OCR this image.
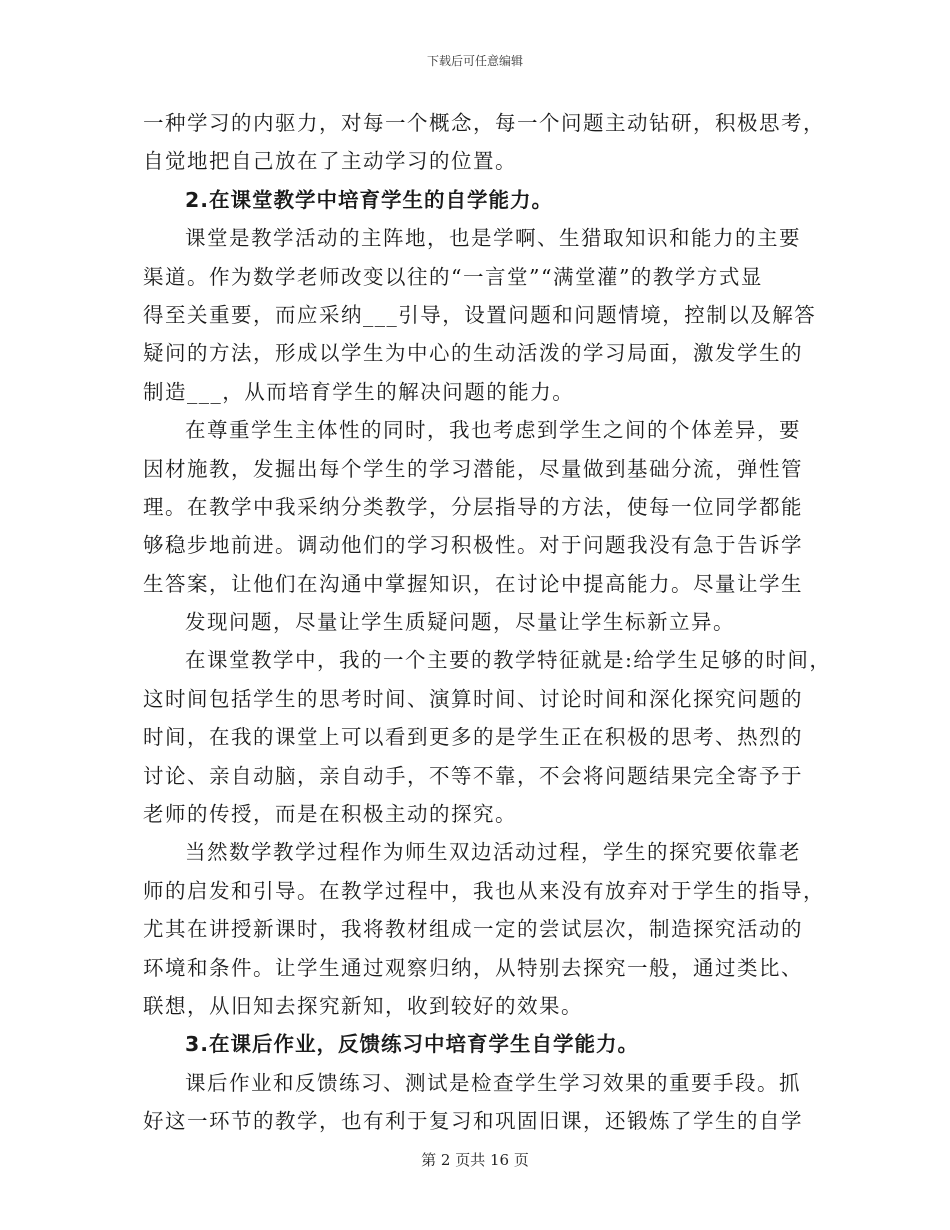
下载后可任意编辑
一种学习的内驱力，对每一个概念，每一个问题主动钻研，积极思考，
自觉地把自己放在了主动学习的位置。
2.在课堂教学中培育学生的自学能力。
课堂是教学活动的主阵地，也是学啊、生猎取知识和能力的主要
渠道。作为数学老师改变以往的“一言堂”“满堂灌”的教学方式显
得至关重要，而应采纳___引导，设置问题和问题情境，控制以及解答
疑问的方法，形成以学生为中心的生动活泼的学习局面，激发学生的
制造___，从而培育学生的解决问题的能力。
在尊重学生主体性的同时，我也考虑到学生之间的个体差异，要
因材施教，发掘出每个学生的学习潜能，尽量做到基础分流，弹性管
理。在教学中我采纳分类教学，分层指导的方法，使每一位同学都能
够稳步地前进。调动他们的学习积极性。对于问题我没有急于告诉学
生答案，让他们在沟通中掌握知识，在讨论中提高能力。尽量让学生
发现问题，尽量让学生质疑问题，尽量让学生标新立异。
在课堂教学中，我的一个主要的教学特征就是:给学生足够的时间，
这时间包括学生的思考时间、演算时间、讨论时间和深化探究问题的
时间，在我的课堂上可以看到更多的是学生正在积极的思考、热烈的
讨论、亲自动脑，亲自动手，不等不靠，不会将问题结果完全寄予于
老师的传授，而是在积极主动的探究。
当然数学教学过程作为师生双边活动过程，学生的探究要依靠老
师的启发和引导。在教学过程中，我也从来没有放弃对于学生的指导，
尤其在讲授新课时，我将教材组成一定的尝试层次，制造探究活动的
环境和条件。让学生通过观察归纳，从特别去探究一般，通过类比、
联想，从旧知去探究新知，收到较好的效果。
3.在课后作业，反馈练习中培育学生自学能力。
课后作业和反馈练习、测试是检查学生学习效果的重要手段。抓
好这一环节的教学，也有利于复习和巩固旧课，还锻炼了学生的自学
第 2 页共 16 页
